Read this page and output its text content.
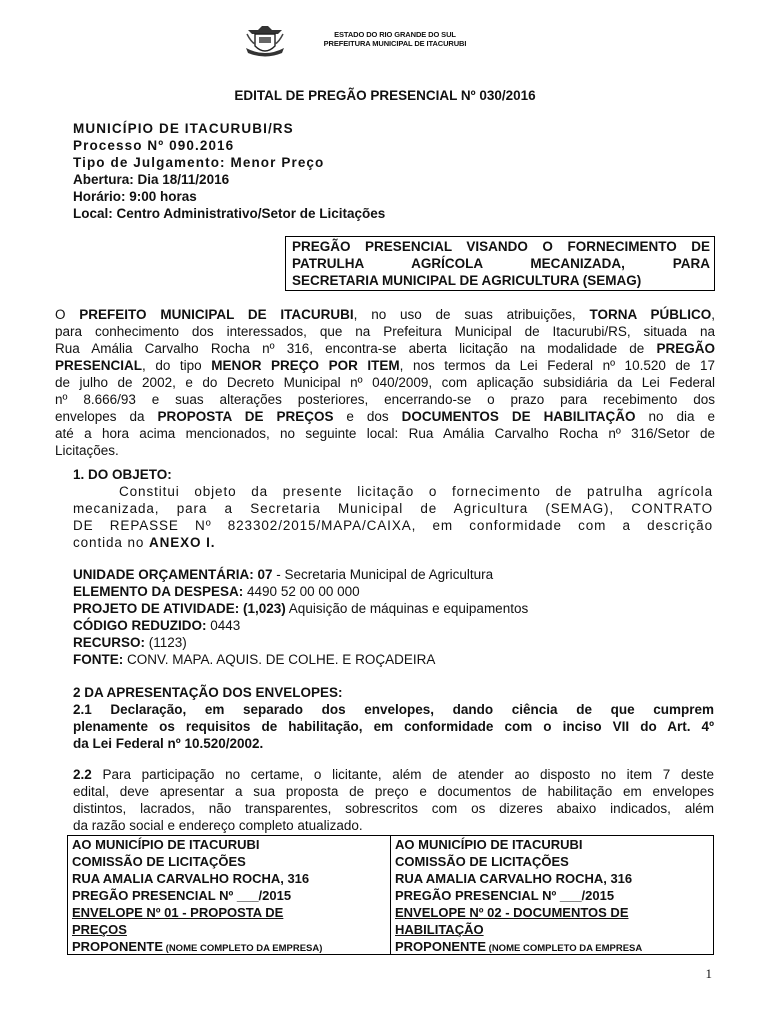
ESTADO DO RIO GRANDE DO SUL
PREFEITURA MUNICIPAL DE ITACURUBI
EDITAL DE PREGÃO PRESENCIAL Nº 030/2016
MUNICÍPIO DE ITACURUBI/RS
Processo Nº 090.2016
Tipo de Julgamento: Menor Preço
Abertura: Dia 18/11/2016
Horário: 9:00 horas
Local: Centro Administrativo/Setor de Licitações
PREGÃO PRESENCIAL VISANDO O FORNECIMENTO DE
PATRULHA AGRÍCOLA MECANIZADA, PARA
SECRETARIA MUNICIPAL DE AGRICULTURA (SEMAG)
O PREFEITO MUNICIPAL DE ITACURUBI, no uso de suas atribuições, TORNA PÚBLICO,
para conhecimento dos interessados, que na Prefeitura Municipal de Itacurubi/RS, situada na
Rua Amália Carvalho Rocha nº 316, encontra-se aberta licitação na modalidade de PREGÃO
PRESENCIAL, do tipo MENOR PREÇO POR ITEM, nos termos da Lei Federal nº 10.520 de 17
de julho de 2002, e do Decreto Municipal nº 040/2009, com aplicação subsidiária da Lei Federal
nº 8.666/93 e suas alterações posteriores, encerrando-se o prazo para recebimento dos
envelopes da PROPOSTA DE PREÇOS e dos DOCUMENTOS DE HABILITAÇÃO no dia e
até a hora acima mencionados, no seguinte local: Rua Amália Carvalho Rocha nº 316/Setor de
Licitações.
1. DO OBJETO:
Constitui objeto da presente licitação o fornecimento de patrulha agrícola
mecanizada, para a Secretaria Municipal de Agricultura (SEMAG), CONTRATO
DE REPASSE Nº 823302/2015/MAPA/CAIXA, em conformidade com a descrição
contida no ANEXO I.
UNIDADE ORÇAMENTÁRIA: 07 - Secretaria Municipal de Agricultura
ELEMENTO DA DESPESA: 4490 52 00 00 000
PROJETO DE ATIVIDADE: (1,023) Aquisição de máquinas e equipamentos
CÓDIGO REDUZIDO: 0443
RECURSO: (1123)
FONTE: CONV. MAPA. AQUIS. DE COLHE. E ROÇADEIRA
2 DA APRESENTAÇÃO DOS ENVELOPES:
2.1 Declaração, em separado dos envelopes, dando ciência de que cumprem
plenamente os requisitos de habilitação, em conformidade com o inciso VII do Art. 4º
da Lei Federal nº 10.520/2002.
2.2 Para participação no certame, o licitante, além de atender ao disposto no item 7 deste
edital, deve apresentar a sua proposta de preço e documentos de habilitação em envelopes
distintos, lacrados, não transparentes, sobrescritos com os dizeres abaixo indicados, além
da razão social e endereço completo atualizado.
AO MUNICÍPIO DE ITACURUBI
COMISSÃO DE LICITAÇÕES
RUA AMALIA CARVALHO ROCHA, 316
PREGÃO PRESENCIAL Nº ___/2015
ENVELOPE Nº 01 - PROPOSTA DE
PREÇOS
PROPONENTE (NOME COMPLETO DA EMPRESA)
AO MUNICÍPIO DE ITACURUBI
COMISSÃO DE LICITAÇÕES
RUA AMALIA CARVALHO ROCHA, 316
PREGÃO PRESENCIAL Nº ___/2015
ENVELOPE Nº 02 - DOCUMENTOS DE
HABILITAÇÃO
PROPONENTE (NOME COMPLETO DA EMPRESA
1
